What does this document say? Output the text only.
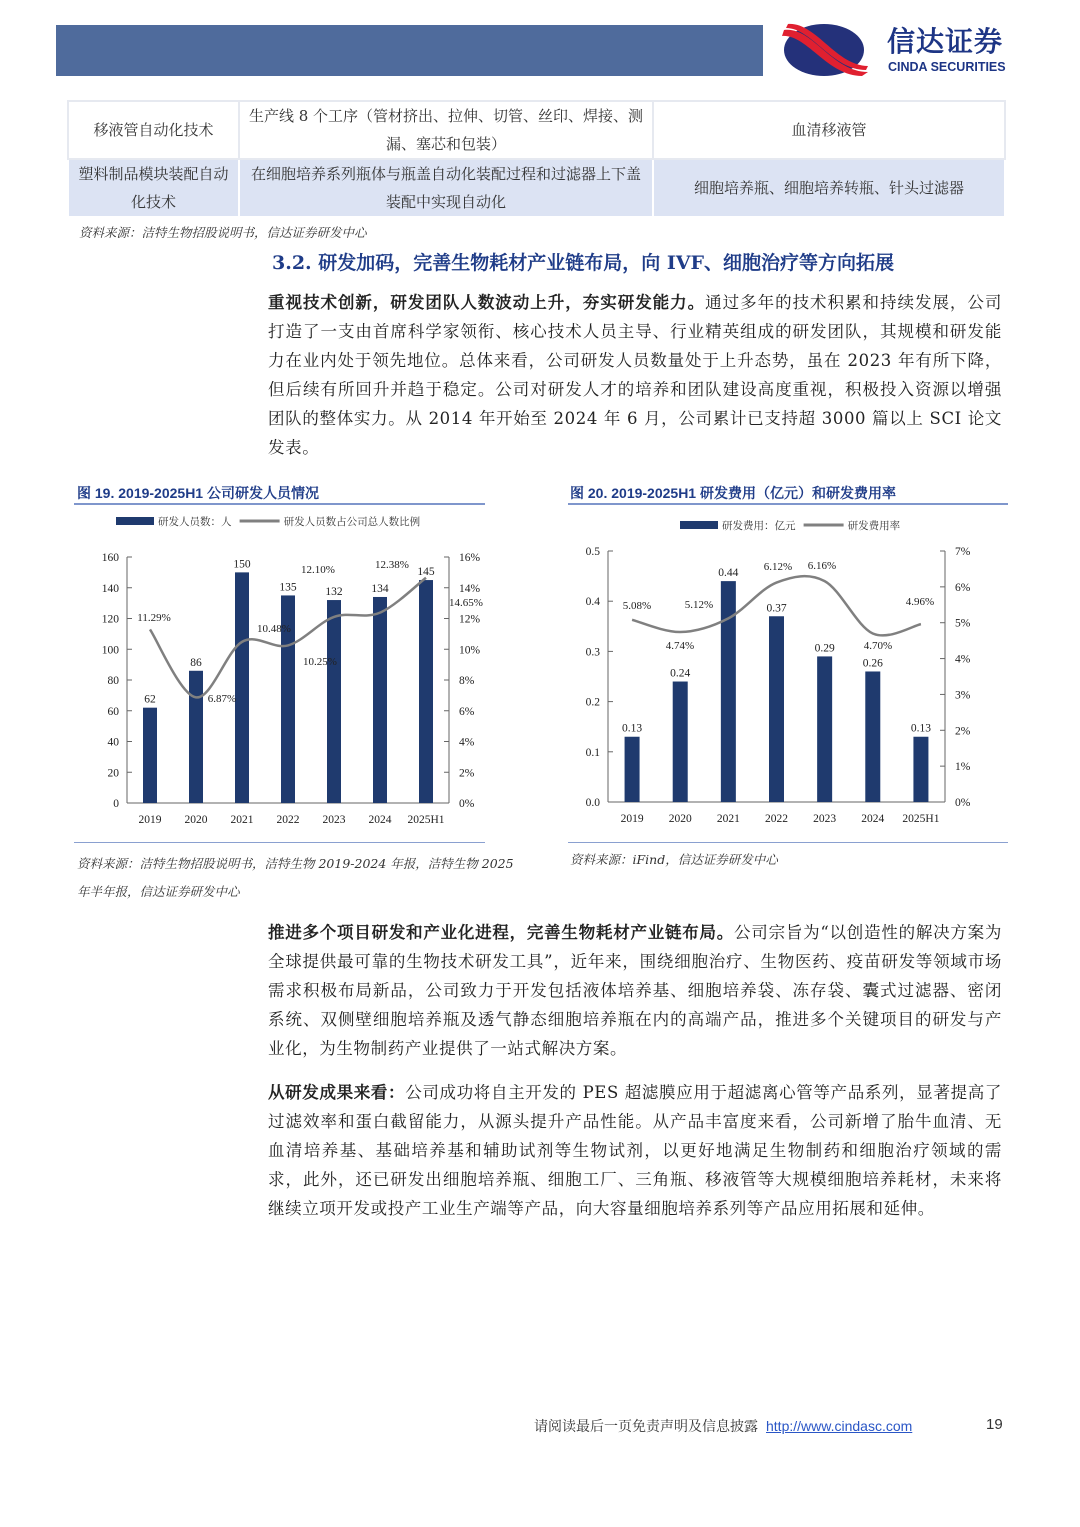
信达证券
CINDA SECURITIES
移液管自动化技术	生产线 8 个工序（管材挤出、拉伸、切管、丝印、焊接、测漏、塞芯和包装）	血清移液管
塑料制品模块装配自动化技术	在细胞培养系列瓶体与瓶盖自动化装配过程和过滤器上下盖装配中实现自动化	细胞培养瓶、细胞培养转瓶、针头过滤器
资料来源：洁特生物招股说明书，信达证券研发中心
3.2. 研发加码，完善生物耗材产业链布局，向 IVF、细胞治疗等方向拓展
重视技术创新，研发团队人数波动上升，夯实研发能力。通过多年的技术积累和持续发展，公司打造了一支由首席科学家领衔、核心技术人员主导、行业精英组成的研发团队，其规模和研发能力在业内处于领先地位。总体来看，公司研发人员数量处于上升态势，虽在 2023 年有所下降，但后续有所回升并趋于稳定。公司对研发人才的培养和团队建设高度重视，积极投入资源以增强团队的整体实力。从 2014 年开始至 2024 年 6 月，公司累计已支持超 3000 篇以上 SCI 论文发表。
图 19. 2019-2025H1 公司研发人员情况	图 20. 2019-2025H1 研发费用（亿元）和研发费用率
研发人员数：人	研发人员数占公司总人数比例
0
20
40
60
80
100
120
140
160
0%
2%
4%
6%
8%
10%
12%
14%
16%
2019
62
2020
86
2021
150
2022
135
2023
132
2024
134
2025H1
145
11.29%
6.87%
10.48%
10.25%
12.10%	12.38%
14.65%
研发费用：亿元	研发费用率
0.0
0.1
0.2
0.3
0.4
0.5
0%
1%
2%
3%
4%
5%
6%
7%
2019
0.13
2020
0.24
2021
0.44
2022
0.37
2023
0.29
2024
0.26
2025H1
0.13
5.08%
4.74%
5.12%
6.12% 6.16%
4.70%
4.96%
资料来源：洁特生物招股说明书，洁特生物 2019-2024 年报，洁特生物 2025 年半年报，信达证券研发中心
资料来源：iFind，信达证券研发中心
推进多个项目研发和产业化进程，完善生物耗材产业链布局。公司宗旨为“以创造性的解决方案为全球提供最可靠的生物技术研发工具”，近年来，围绕细胞治疗、生物医药、疫苗研发等领域市场需求积极布局新品，公司致力于开发包括液体培养基、细胞培养袋、冻存袋、囊式过滤器、密闭系统、双侧壁细胞培养瓶及透气静态细胞培养瓶在内的高端产品，推进多个关键项目的研发与产业化，为生物制药产业提供了一站式解决方案。
从研发成果来看：公司成功将自主开发的 PES 超滤膜应用于超滤离心管等产品系列，显著提高了过滤效率和蛋白截留能力，从源头提升产品性能。从产品丰富度来看，公司新增了胎牛血清、无血清培养基、基础培养基和辅助试剂等生物试剂，以更好地满足生物制药和细胞治疗领域的需求，此外，还已研发出细胞培养瓶、细胞工厂、三角瓶、移液管等大规模细胞培养耗材，未来将继续立项开发或投产工业生产端等产品，向大容量细胞培养系列等产品应用拓展和延伸。
请阅读最后一页免责声明及信息披露 http://www.cindasc.com	19
